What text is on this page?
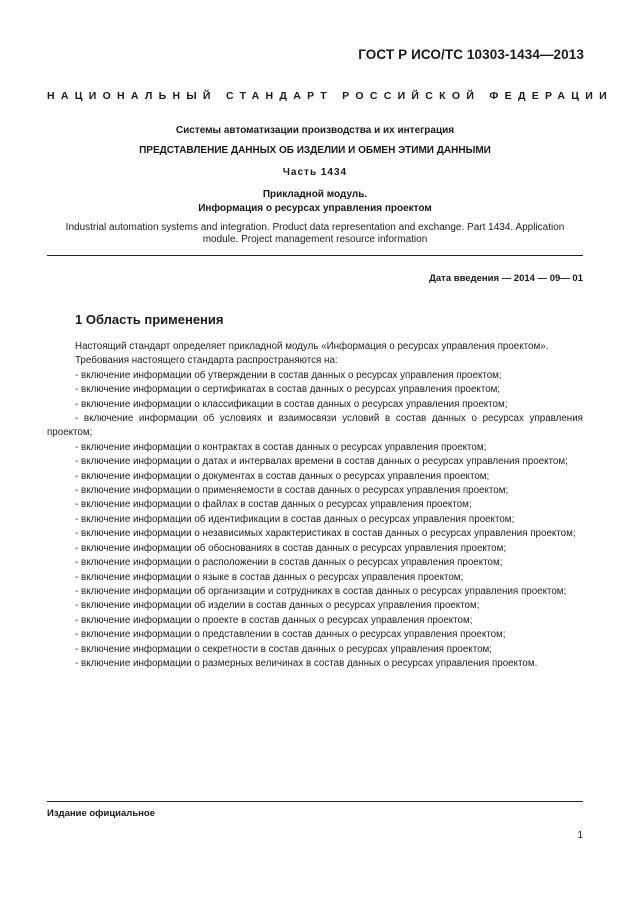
ГОСТ Р ИСО/ТС 10303-1434—2013
НАЦИОНАЛЬНЫЙ СТАНДАРТ РОССИЙСКОЙ ФЕДЕРАЦИИ
Системы автоматизации производства и их интеграция
ПРЕДСТАВЛЕНИЕ ДАННЫХ ОБ ИЗДЕЛИИ И ОБМЕН ЭТИМИ ДАННЫМИ
Часть 1434
Прикладной модуль.
Информация о ресурсах управления проектом
Industrial automation systems and integration. Product data representation and exchange. Part 1434. Application module. Project management resource information
Дата введения — 2014 — 09— 01
1 Область применения

Настоящий стандарт определяет прикладной модуль «Информация о ресурсах управления проектом».

Требования настоящего стандарта распространяются на:

- включение информации об утверждении в состав данных о ресурсах управления проектом;

- включение информации о сертификатах в состав данных о ресурсах управления проектом;

- включение информации о классификации в состав данных о ресурсах управления проектом;

- включение информации об условиях и взаимосвязи условий в состав данных о ресурсах управления проектом;

- включение информации о контрактах в состав данных о ресурсах управления проектом;

- включение информации о датах и интервалах времени в состав данных о ресурсах управления проектом;

- включение информации о документах в состав данных о ресурсах управления проектом;

- включение информации о применяемости в состав данных о ресурсах управления проектом;

- включение информации о файлах в состав данных о ресурсах управления проектом;

- включение информации об идентификации в состав данных о ресурсах управления проектом;

- включение информации о независимых характеристиках в состав данных о ресурсах управления проектом;

- включение информации об обоснованиях в состав данных о ресурсах управления проектом;

- включение информации о расположении в состав данных о ресурсах управления проектом;

- включение информации о языке в состав данных о ресурсах управления проектом;

- включение информации об организации и сотрудниках в состав данных о ресурсах управления проектом;

- включение информации об изделии в состав данных о ресурсах управления проектом;

- включение информации о проекте в состав данных о ресурсах управления проектом;

- включение информации о представлении в состав данных о ресурсах управления проектом;

- включение информации о секретности в состав данных о ресурсах управления проектом;

- включение информации о размерных величинах в состав данных о ресурсах управления проектом.

Издание официальное
1
